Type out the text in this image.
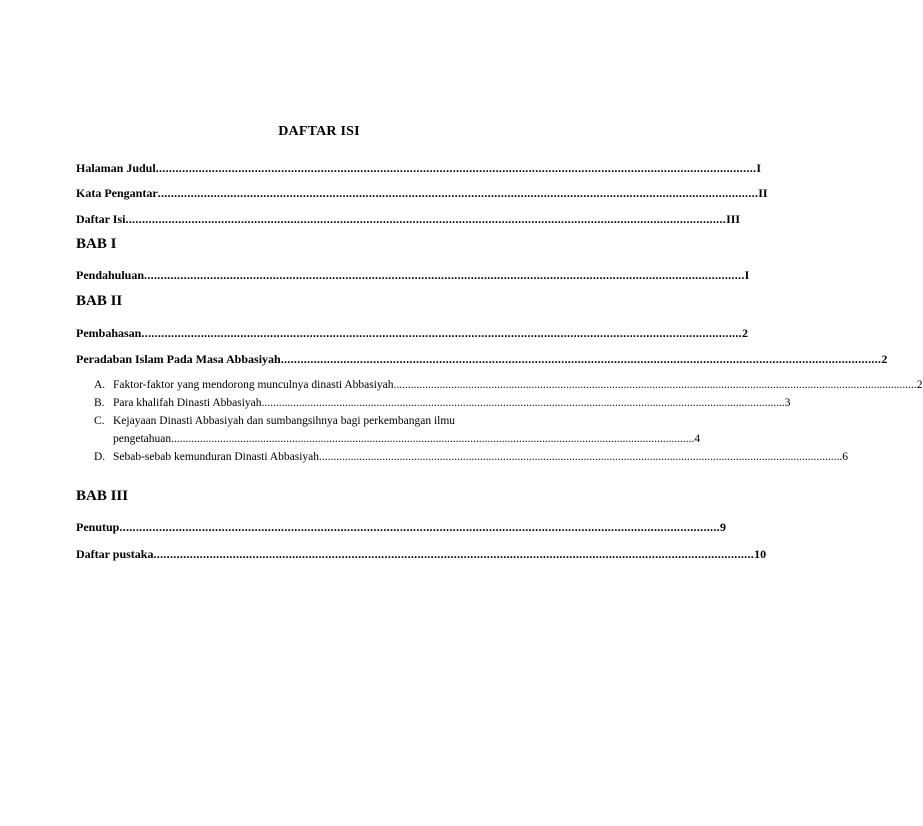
DAFTAR ISI
Halaman Judul ...................................................................................................................................................................................... I
Kata Pengantar ...................................................................................................................................................................................... II
Daftar Isi ...................................................................................................................................................................................... III
BAB I
Pendahuluan ...................................................................................................................................................................................... I
BAB II
Pembahasan ...................................................................................................................................................................................... 2
Peradaban Islam Pada Masa Abbasiyah ...................................................................................................................................................................................... 2
A. Faktor-faktor yang mendorong munculnya dinasti Abbasiyah ...................................................................................................................................................................................... 2
B. Para khalifah Dinasti Abbasiyah ...................................................................................................................................................................................... 3
C. Kejayaan Dinasti Abbasiyah dan sumbangsihnya bagi perkembangan ilmu
pengetahuan ...................................................................................................................................................................................... 4
D. Sebab-sebab kemunduran Dinasti Abbasiyah ...................................................................................................................................................................................... 6
BAB III
Penutup ...................................................................................................................................................................................... 9
Daftar pustaka ...................................................................................................................................................................................... 10
